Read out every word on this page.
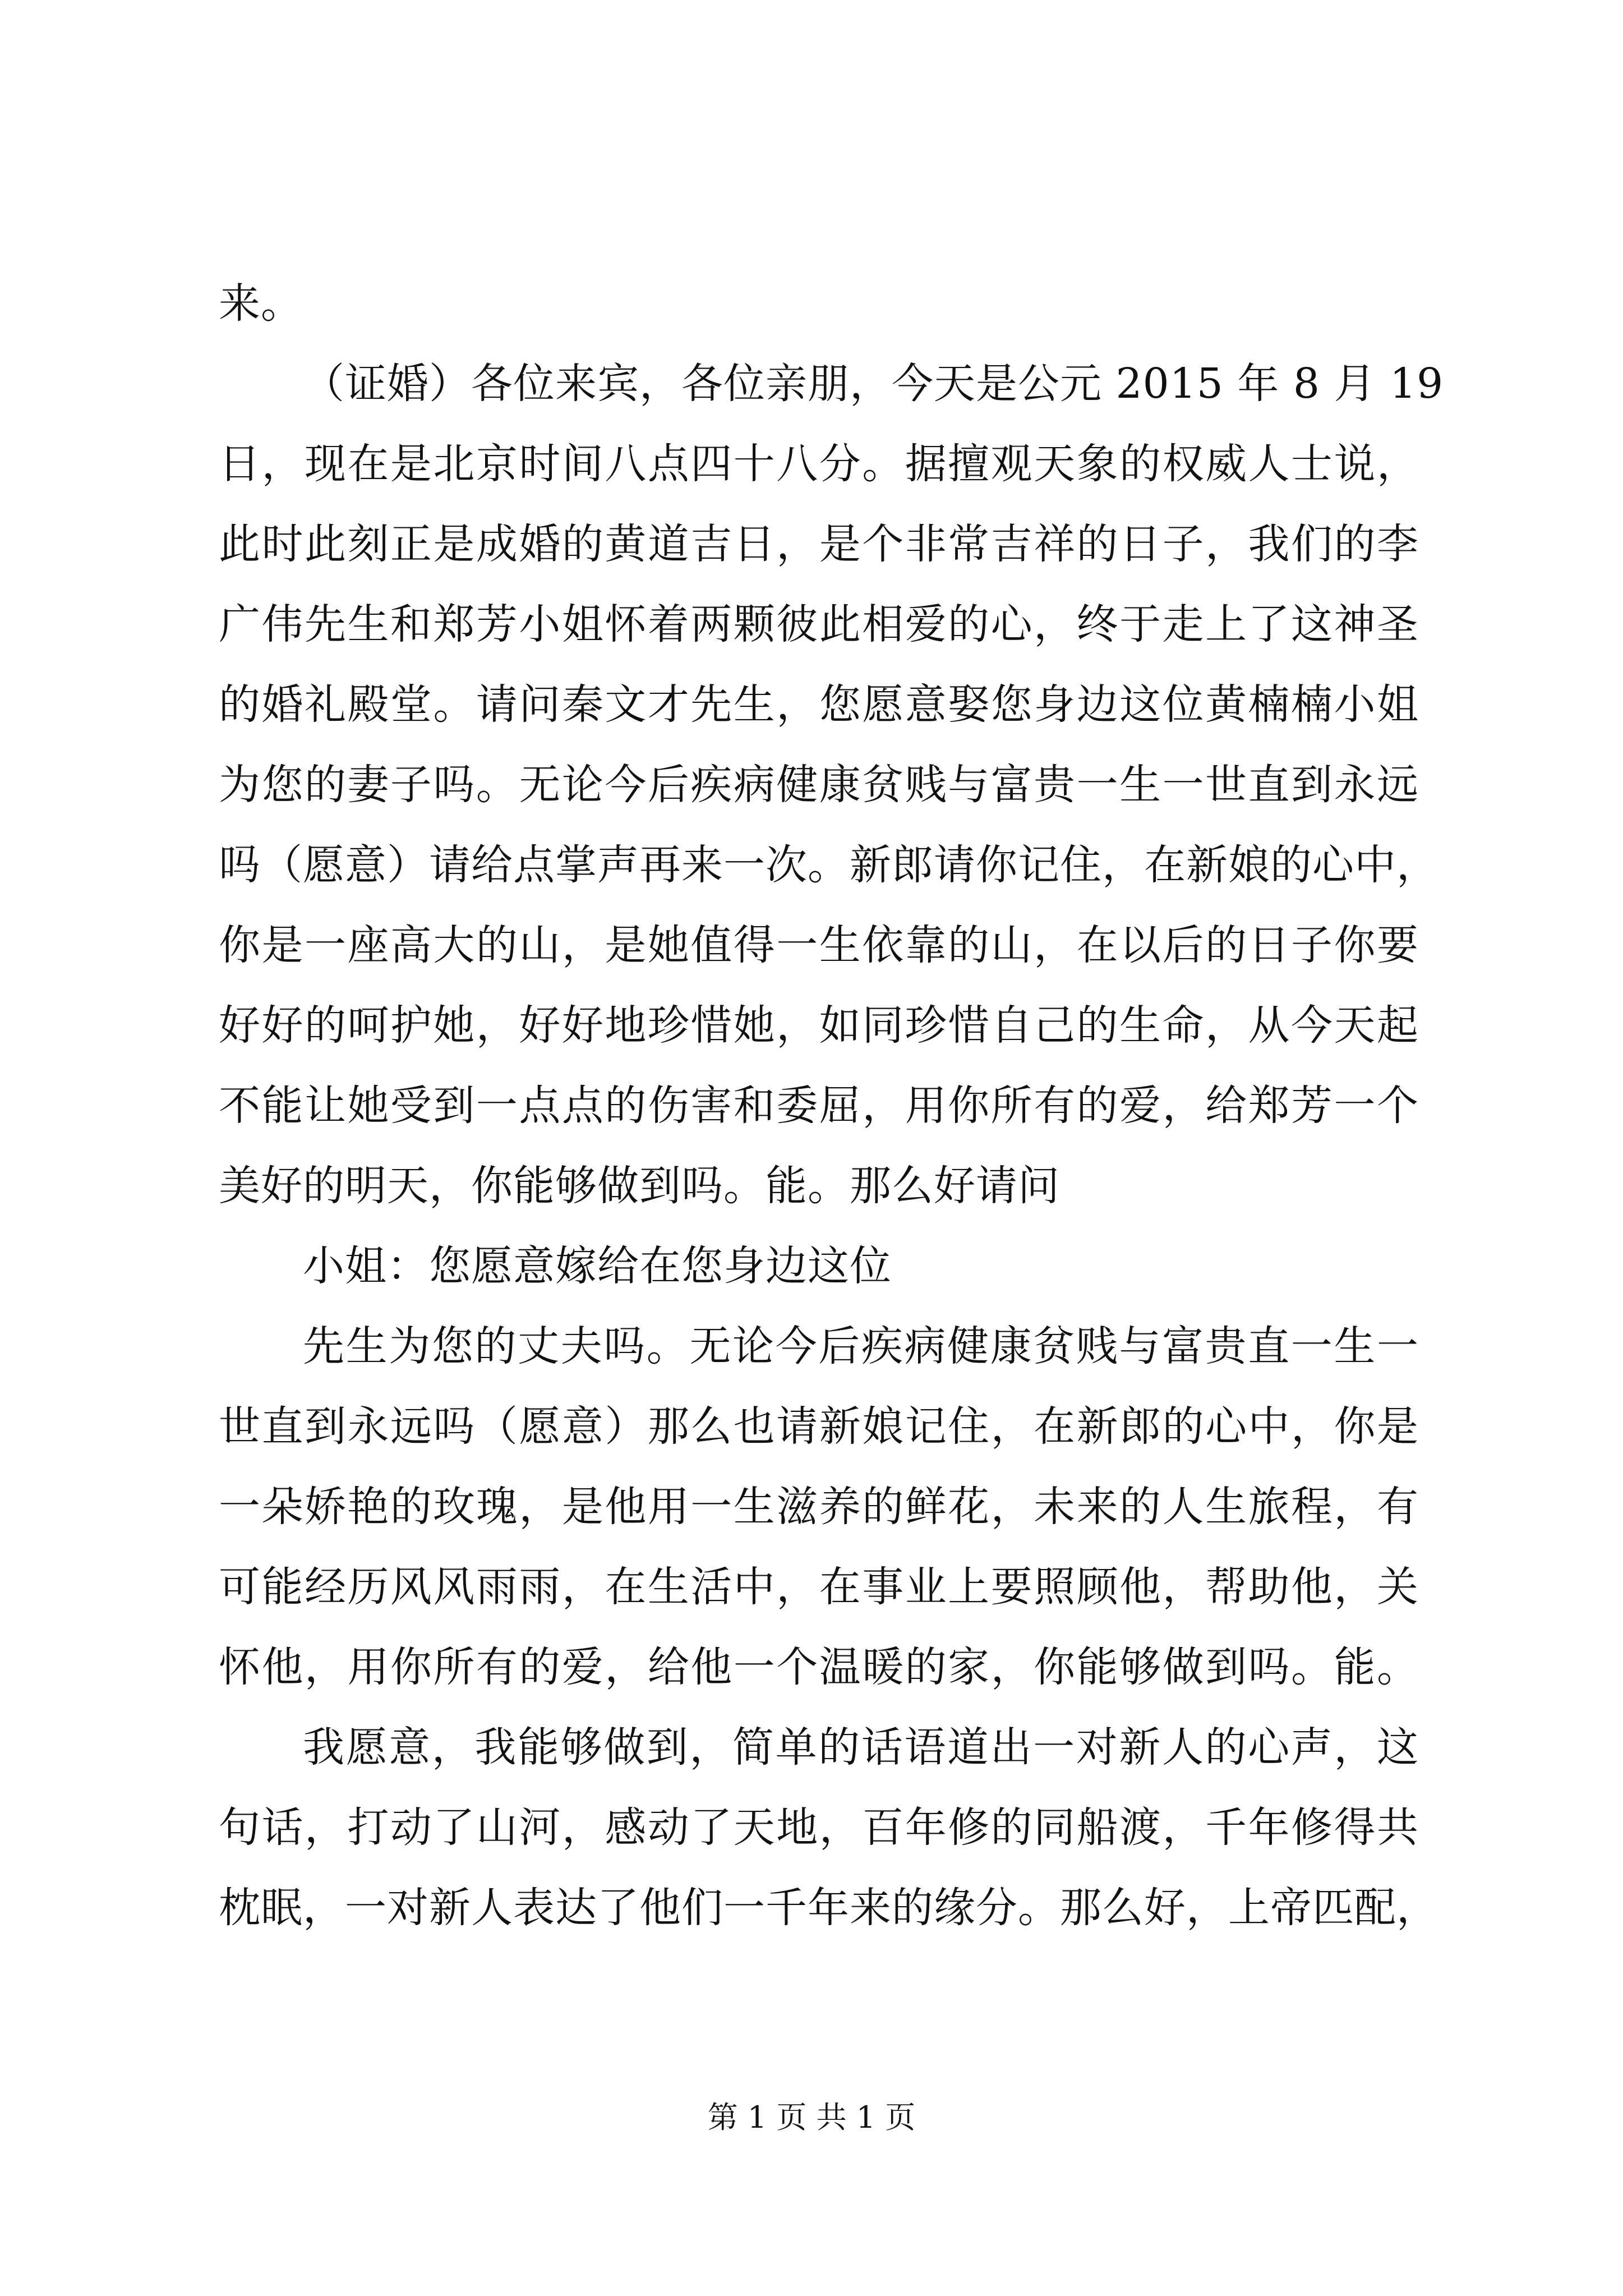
来。
（证婚）各位来宾，各位亲朋，今天是公元 2015 年 8 月 19
日，现在是北京时间八点四十八分。据擅观天象的权威人士说，
此时此刻正是成婚的黄道吉日，是个非常吉祥的日子，我们的李
广伟先生和郑芳小姐怀着两颗彼此相爱的心，终于走上了这神圣
的婚礼殿堂。请问秦文才先生，您愿意娶您身边这位黄楠楠小姐
为您的妻子吗。无论今后疾病健康贫贱与富贵一生一世直到永远
吗（愿意）请给点掌声再来一次。新郎请你记住，在新娘的心中，
你是一座高大的山，是她值得一生依靠的山，在以后的日子你要
好好的呵护她，好好地珍惜她，如同珍惜自己的生命，从今天起
不能让她受到一点点的伤害和委屈，用你所有的爱，给郑芳一个
美好的明天，你能够做到吗。能。那么好请问
小姐：您愿意嫁给在您身边这位
先生为您的丈夫吗。无论今后疾病健康贫贱与富贵直一生一
世直到永远吗（愿意）那么也请新娘记住，在新郎的心中，你是
一朵娇艳的玫瑰，是他用一生滋养的鲜花，未来的人生旅程，有
可能经历风风雨雨，在生活中，在事业上要照顾他，帮助他，关
怀他，用你所有的爱，给他一个温暖的家，你能够做到吗。能。
我愿意，我能够做到，简单的话语道出一对新人的心声，这
句话，打动了山河，感动了天地，百年修的同船渡，千年修得共
枕眠，一对新人表达了他们一千年来的缘分。那么好，上帝匹配，
第 1 页 共 1 页
